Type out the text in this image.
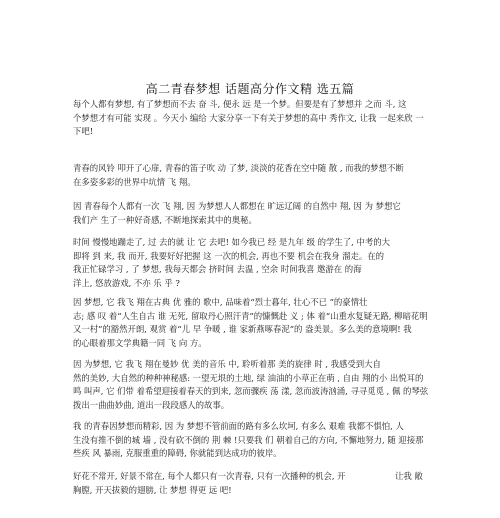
高二青春梦想 话题高分作文精 选五篇
每个人都有梦想, 有了梦想而不去 奋 斗, 便永 远 是一个梦。但要是有了梦想并 之而 斗, 这
个梦想才有可能 实现 。今天小 编给 大家分享一下有关于梦想的高中 秀作文, 让我 一起来欣 一
下吧!
青春的风铃 叩开了心扉, 青春的笛子吹 动 了梦, 淡淡的花香在空中随 散 , 而我的梦想不断
在多姿多彩的世界中坑情 飞 翔。
因 青春每个人都有一次 飞 翔, 因 为梦想人人都想在 旷远辽阔 的自然中 翔, 因 为 梦想它
我们产 生了一种好奇感, 不断地探索其中的奥秘。
时间 慢慢地蹦走了, 过 去的就 让 它 去吧! 如今我已 经 是九年 级 的学生了, 中考的大
即将 到 来, 我 而开, 我要好好把握 这 一次的机会, 再也不要 机会在我身 溜走。在的
我正忙碌学习 , 了 梦想, 我每天都会 挤时间 去温 , 空余 时间我喜 邀游在 的海
洋上, 悠放游戏, 不亦 乐 乎 ?
因 梦想, 它 我飞 翔在古典 优 雅的 歌中, 品味着“烈士暮年, 壮心不已 ”的豪情壮
志; 感 叹 着“人生自古 谁 无死, 留取丹心照汗青”的慷慨赴 义 ; 体 着“山重水复疑无路, 柳暗花明
又一村”的豁然开朗, 观赏 着“儿 早 争暖 , 谁 家新燕啄春泥”的 盎美景。多么美的意境啊! 我
的心眼着那文学典籍一同 飞 向 方。
因 为梦想, 它 我飞 翔在曼妙 优 美的音乐 中, 聆听着那 美的旋律 时 , 我感受到大自
然的美妙, 大自然的种种神秘感: 一望无垠的土地, 绿 油油的小草正在萌 , 自由 翔的小 出悦耳的
鸣 叫声, 它 们带 着希望迎接着春天的到来, 忽而骤疾 荡 漾, 忽而波涛汹涌, 寻寻觅觅 , 佩 的琴弦
拨出一曲曲妙曲, 道出一段段感人的故事。
我 的青春因梦想而精彩, 因 为 梦想不管前面的路有多么坎坷, 有多么 艰难 我都不惧怕, 人
生没有推不倒的城 墙 , 没有砍不倒的 荆 棘 !只要我 们 朝着自己的方向, 不懈地努力, 随 迎接那
些疾 风 暴雨, 克服重重的障碍, 你就能到达成功的彼岸。
好花不常开, 好景不常在, 每个人都只有一次青春, 只有一次播种的机会, 开
胸膛, 开天拔毅的翅膀, 让 梦想 得更 远 吧!
让我 敞
